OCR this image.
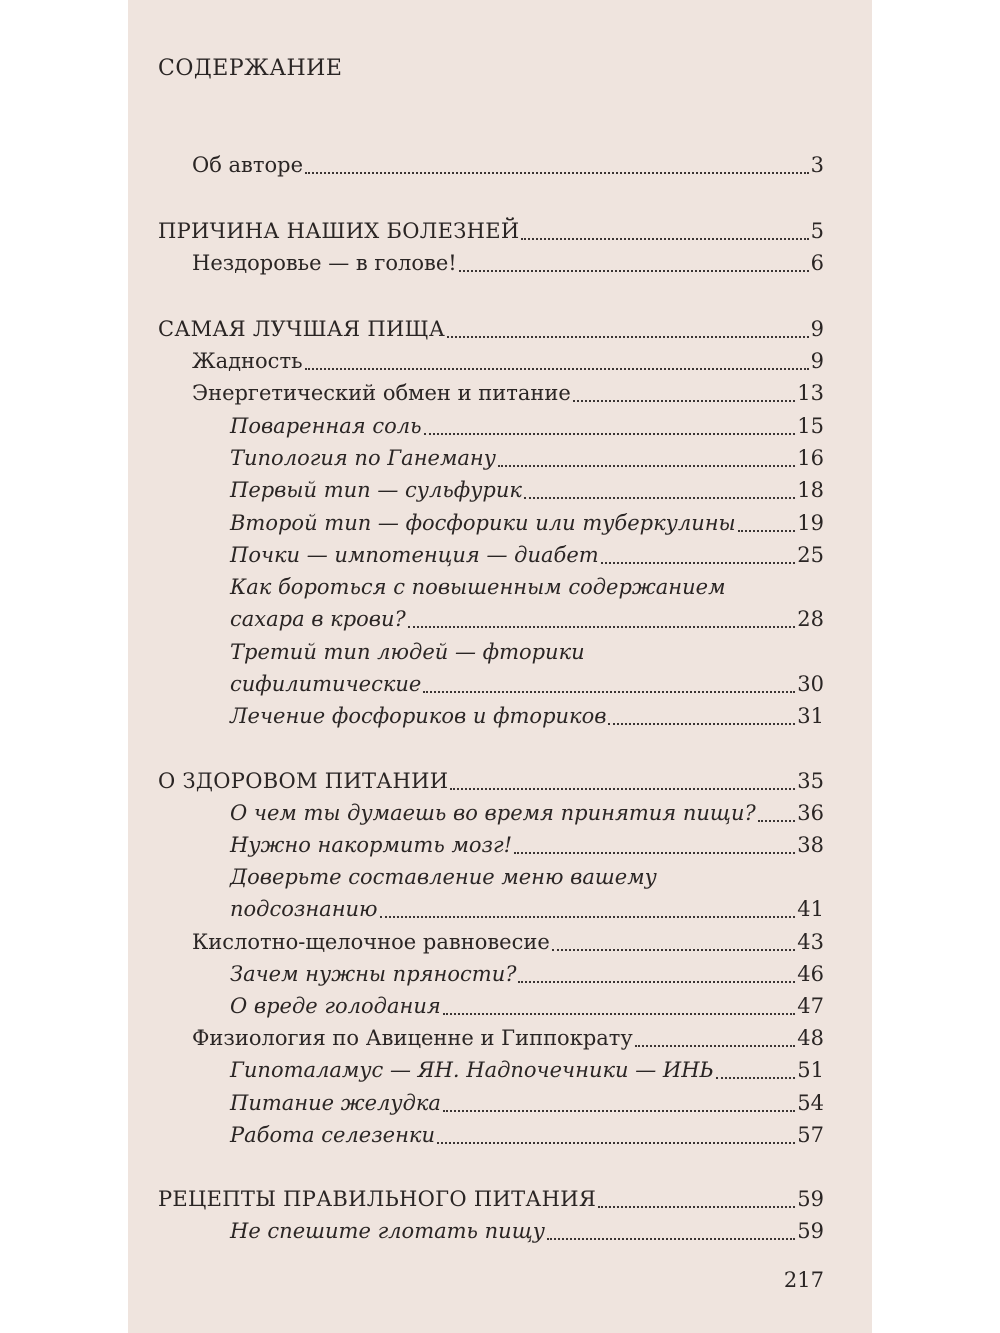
СОДЕРЖАНИЕ
Об авторе	3
ПРИЧИНА НАШИХ БОЛЕЗНЕЙ	5
Нездоровье — в голове!	6
САМАЯ ЛУЧШАЯ ПИЩА	9
Жадность	9
Энергетический обмен и питание	13
Поваренная соль	15
Типология по Ганеману	16
Первый тип — сульфурик	18
Второй тип — фосфорики или туберкулины	19
Почки — импотенция — диабет	25
Как бороться с повышенным содержанием
сахара в крови?	28
Третий тип людей — фторики
сифилитические	30
Лечение фосфориков и фториков	31
О ЗДОРОВОМ ПИТАНИИ	35
О чем ты думаешь во время принятия пищи? 36
Нужно накормить мозг!	38
Доверьте составление меню вашему
подсознанию	41
Кислотно-щелочное равновесие	43
Зачем нужны пряности?	46
О вреде голодания	47
Физиология по Авиценне и Гиппократу	48
Гипоталамус — ЯН. Надпочечники — ИНЬ	51
Питание желудка	54
Работа селезенки	57
РЕЦЕПТЫ ПРАВИЛЬНОГО ПИТАНИЯ	59
Не спешите глотать пищу	59
217
